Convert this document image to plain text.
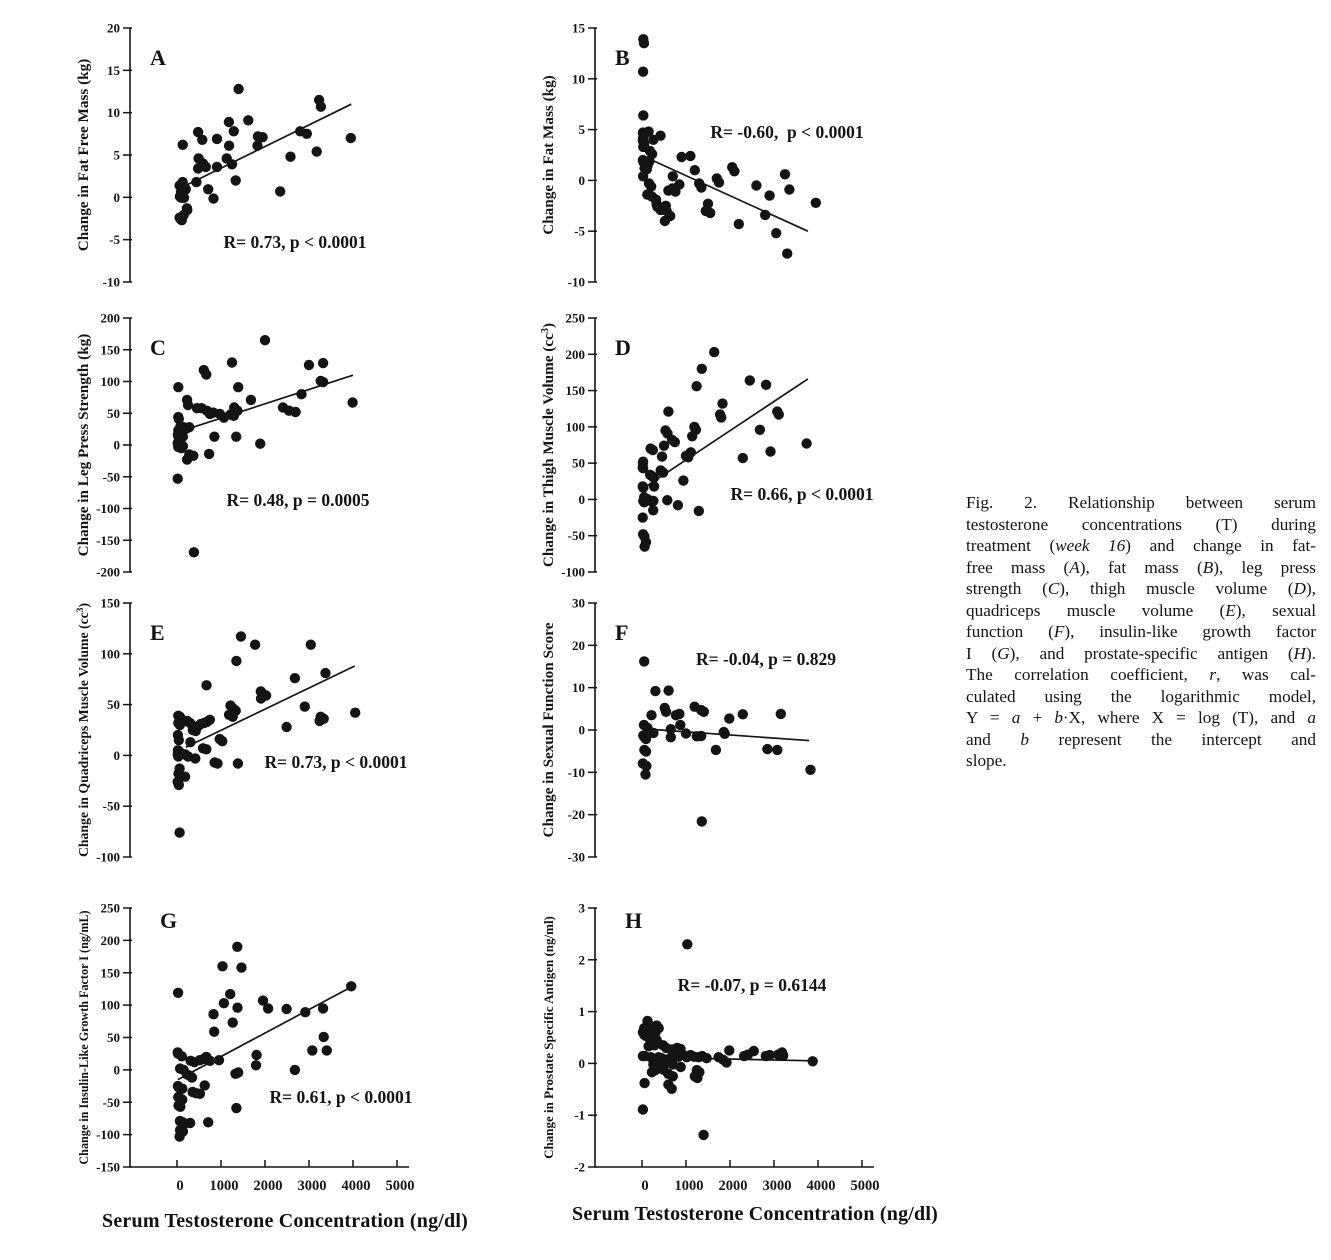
20
15
10
5
0
-5
-10
Change in Fat Free Mass (kg)
A
R= 0.73, p < 0.0001
15
10
5
0
-5
-10
Change in Fat Mass (kg)
B
R= -0.60,  p < 0.0001
200
150
100
50
0
-50
-100
-150
-200
Change in Leg Press Strength (kg)	C
R= 0.48, p = 0.0005
250
200
150
100
50
0
-50
-100
Change in Thigh Muscle Volume $(cc^3)$
D
R= 0.66, p < 0.0001
150
100
50
0
-50
-100
Change in Quadriceps Muscle Volume $(cc^3)$
E
R= 0.73, p < 0.0001
30
20
10
0
-10
-20
-30
Change in Sexual Function Score	F
R= -0.04, p = 0.829
250
200
150
100
50
0
-50
-100
-150
0 1000 2000 3000 4000 5000
Change in Insulin-Like Growth Factor I (ng/mL)	G
R= 0.61, p < 0.0001
3
2
1
0
-1
-2
0 1000 2000 3000 4000 5000
Change in Prostate Specific Antigen (ng/ml)	H
R= -0.07, p = 0.6144
Serum Testosterone Concentration (ng/dl)	Serum Testosterone Concentration (ng/dl)
Fig. 2. Relationship between serum
testosterone concentrations (T) during
treatment (week 16) and change in fat-
free mass (A), fat mass (B), leg press
strength (C), thigh muscle volume (D),
quadriceps muscle volume (E), sexual
function (F), insulin-like growth factor
I (G), and prostate-specific antigen (H).
The correlation coefficient, r, was cal-
culated using the logarithmic model,
Y = a + b·X, where X = log (T), and a
and b represent the intercept and
slope.
